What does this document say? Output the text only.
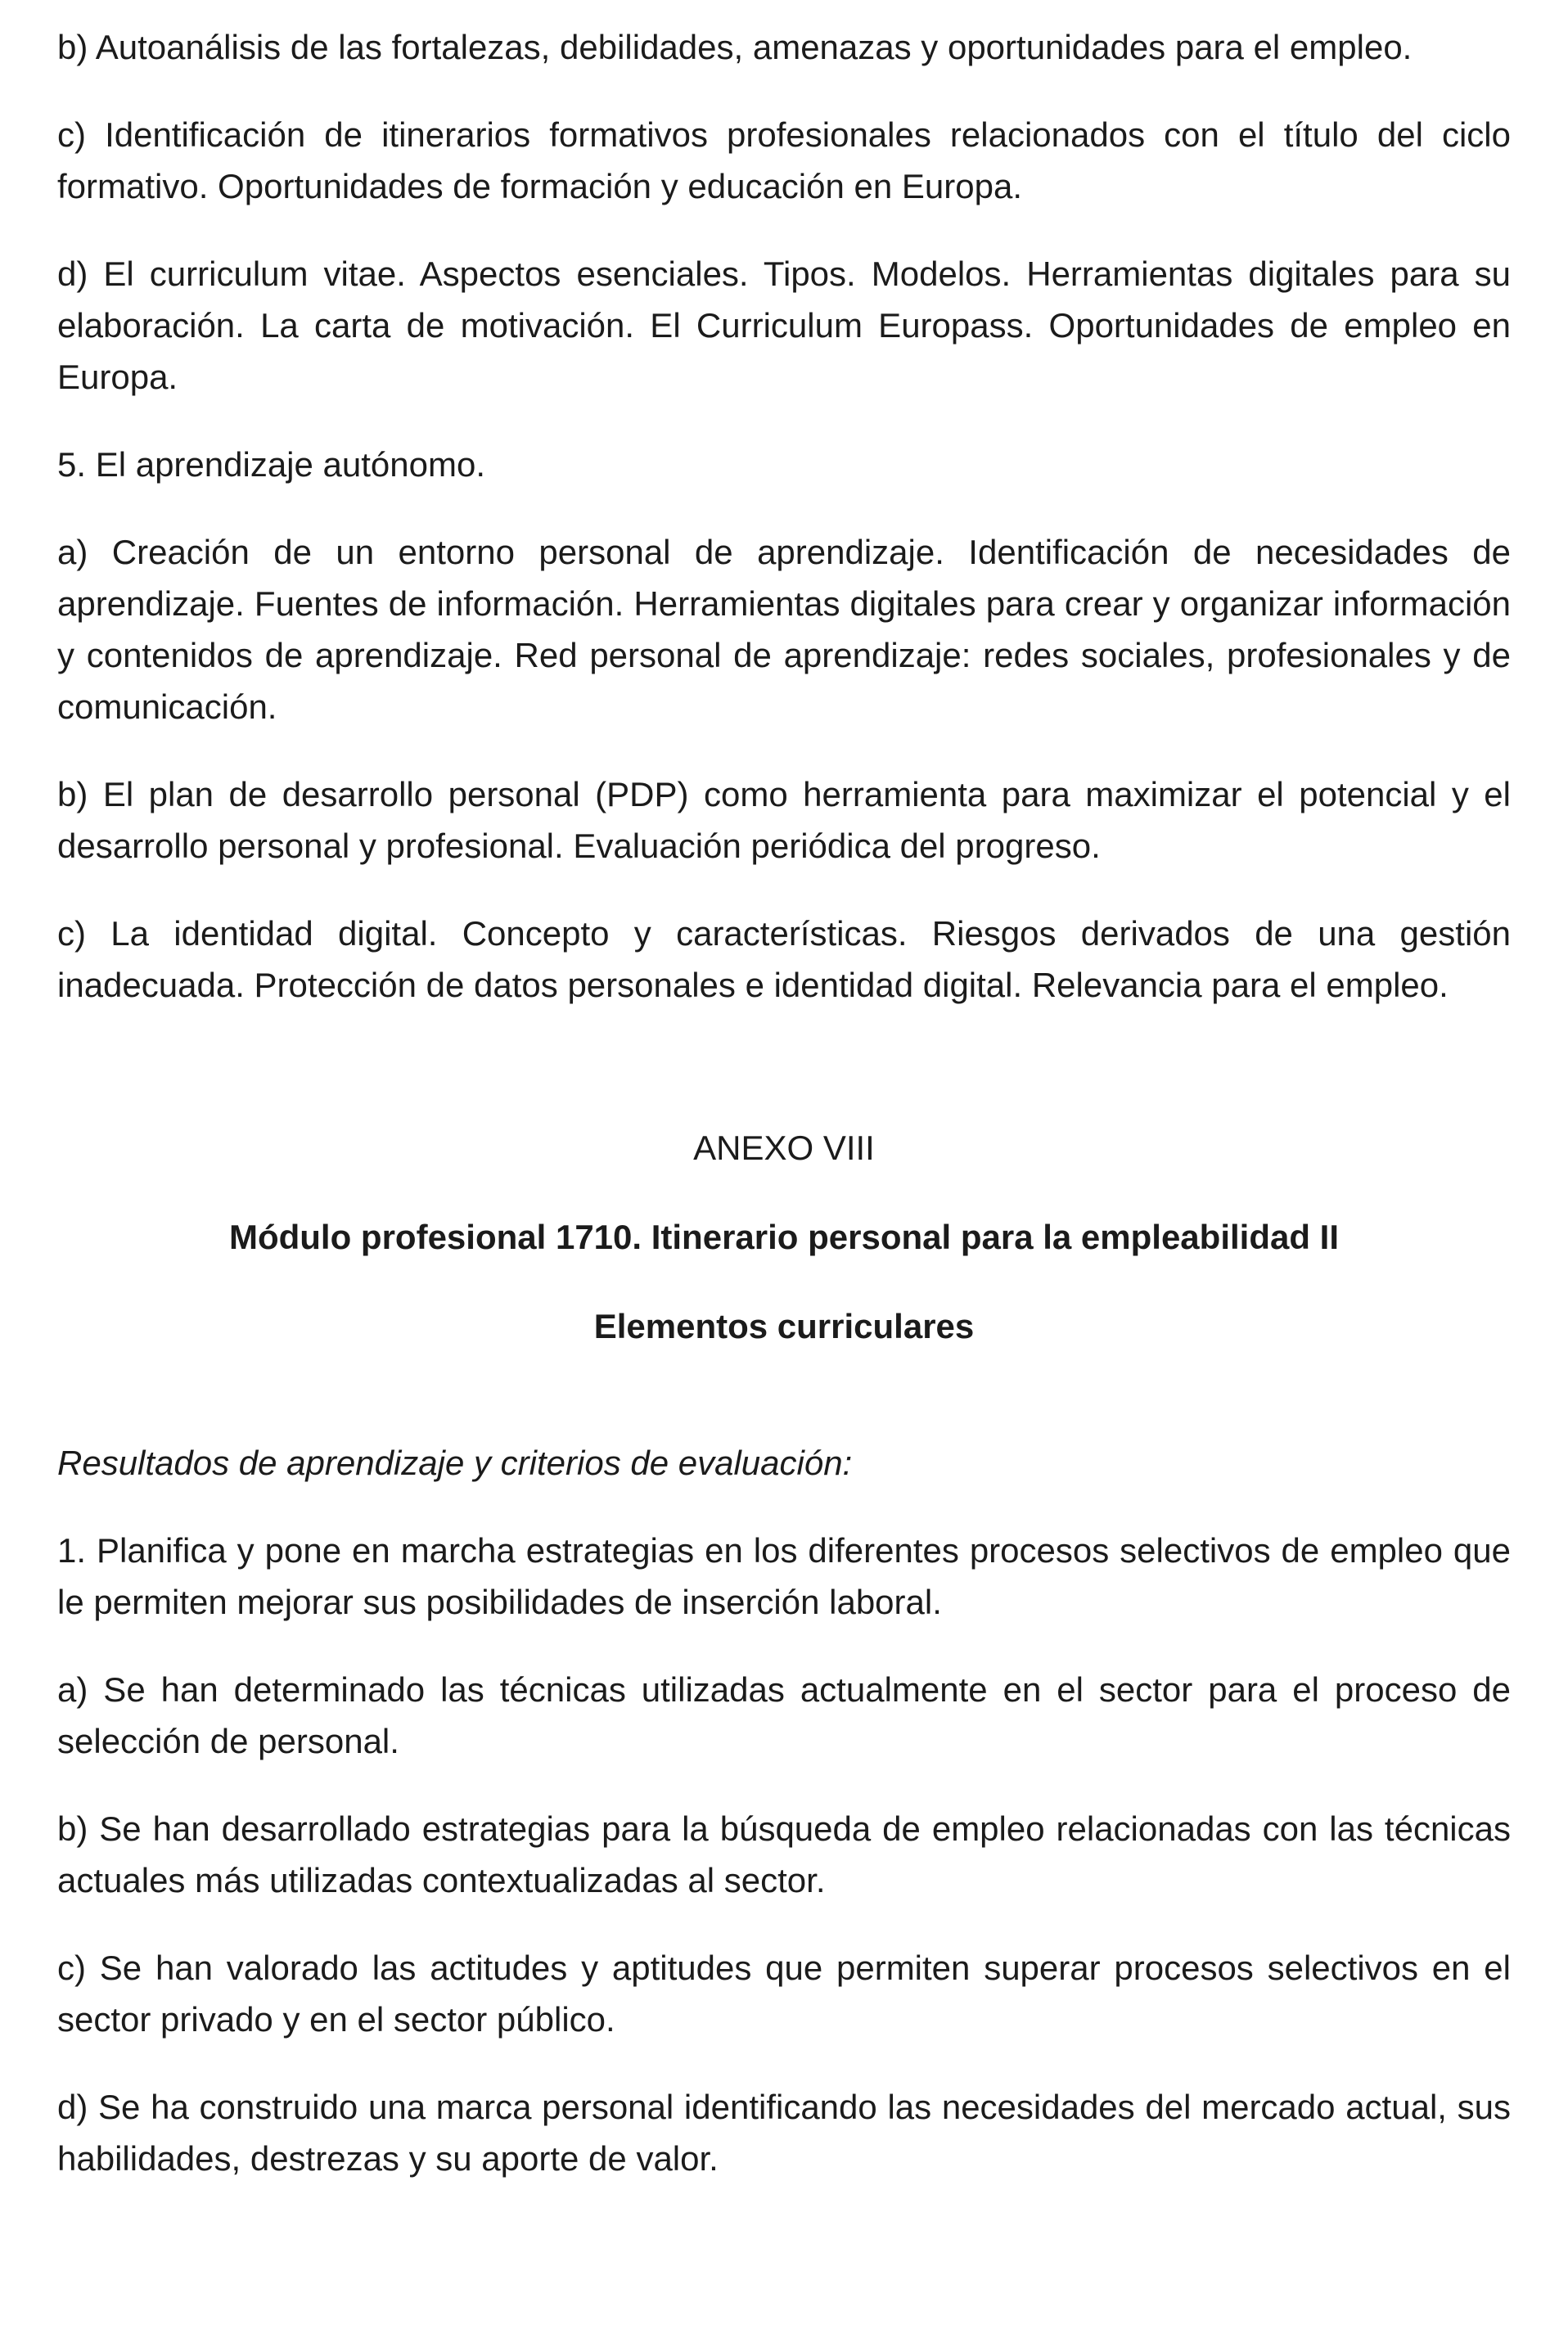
b) Autoanálisis de las fortalezas, debilidades, amenazas y oportunidades para el empleo.

c) Identificación de itinerarios formativos profesionales relacionados con el título del ciclo formativo. Oportunidades de formación y educación en Europa.

d) El curriculum vitae. Aspectos esenciales. Tipos. Modelos. Herramientas digitales para su elaboración. La carta de motivación. El Curriculum Europass. Oportunidades de empleo en Europa.

5. El aprendizaje autónomo.

a) Creación de un entorno personal de aprendizaje. Identificación de necesidades de aprendizaje. Fuentes de información. Herramientas digitales para crear y organizar información y contenidos de aprendizaje. Red personal de aprendizaje: redes sociales, profesionales y de comunicación.

b) El plan de desarrollo personal (PDP) como herramienta para maximizar el potencial y el desarrollo personal y profesional. Evaluación periódica del progreso.

c) La identidad digital. Concepto y características. Riesgos derivados de una gestión inadecuada. Protección de datos personales e identidad digital. Relevancia para el empleo.

ANEXO VIII

Módulo profesional 1710. Itinerario personal para la empleabilidad II

Elementos curriculares

Resultados de aprendizaje y criterios de evaluación:

1. Planifica y pone en marcha estrategias en los diferentes procesos selectivos de empleo que le permiten mejorar sus posibilidades de inserción laboral.

a) Se han determinado las técnicas utilizadas actualmente en el sector para el proceso de selección de personal.

b) Se han desarrollado estrategias para la búsqueda de empleo relacionadas con las técnicas actuales más utilizadas contextualizadas al sector.

c) Se han valorado las actitudes y aptitudes que permiten superar procesos selectivos en el sector privado y en el sector público.

d) Se ha construido una marca personal identificando las necesidades del mercado actual, sus habilidades, destrezas y su aporte de valor.
